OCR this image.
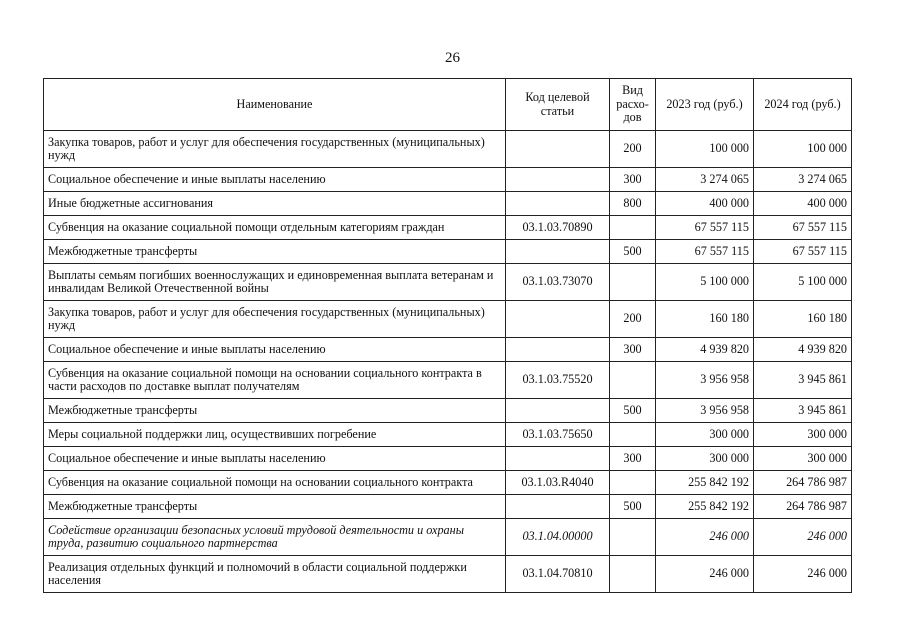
26
Наименование	Код целевой статьи	Вид расхо-дов	2023 год (руб.)	2024 год (руб.)
Закупка товаров, работ и услуг для обеспечения государственных (муниципальных) нужд		200	100 000	100 000
Социальное обеспечение и иные выплаты населению		300	3 274 065	3 274 065
Иные бюджетные ассигнования		800	400 000	400 000
Субвенция на оказание социальной помощи отдельным категориям граждан	03.1.03.70890		67 557 115	67 557 115
Межбюджетные трансферты		500	67 557 115	67 557 115
Выплаты семьям погибших военнослужащих и единовременная выплата ветеранам и инвалидам Великой Отечественной войны	03.1.03.73070		5 100 000	5 100 000
Закупка товаров, работ и услуг для обеспечения государственных (муниципальных) нужд		200	160 180	160 180
Социальное обеспечение и иные выплаты населению		300	4 939 820	4 939 820
Субвенция на оказание социальной помощи на основании социального контракта в части расходов по доставке выплат получателям	03.1.03.75520		3 956 958	3 945 861
Межбюджетные трансферты		500	3 956 958	3 945 861
Меры социальной поддержки лиц, осуществивших погребение	03.1.03.75650		300 000	300 000
Социальное обеспечение и иные выплаты населению		300	300 000	300 000
Субвенция на оказание социальной помощи на основании социального контракта	03.1.03.R4040		255 842 192	264 786 987
Межбюджетные трансферты		500	255 842 192	264 786 987
Содействие организации безопасных условий трудовой деятельности и охраны труда, развитию социального партнерства	03.1.04.00000		246 000	246 000
Реализация отдельных функций и полномочий в области социальной поддержки населения	03.1.04.70810		246 000	246 000
